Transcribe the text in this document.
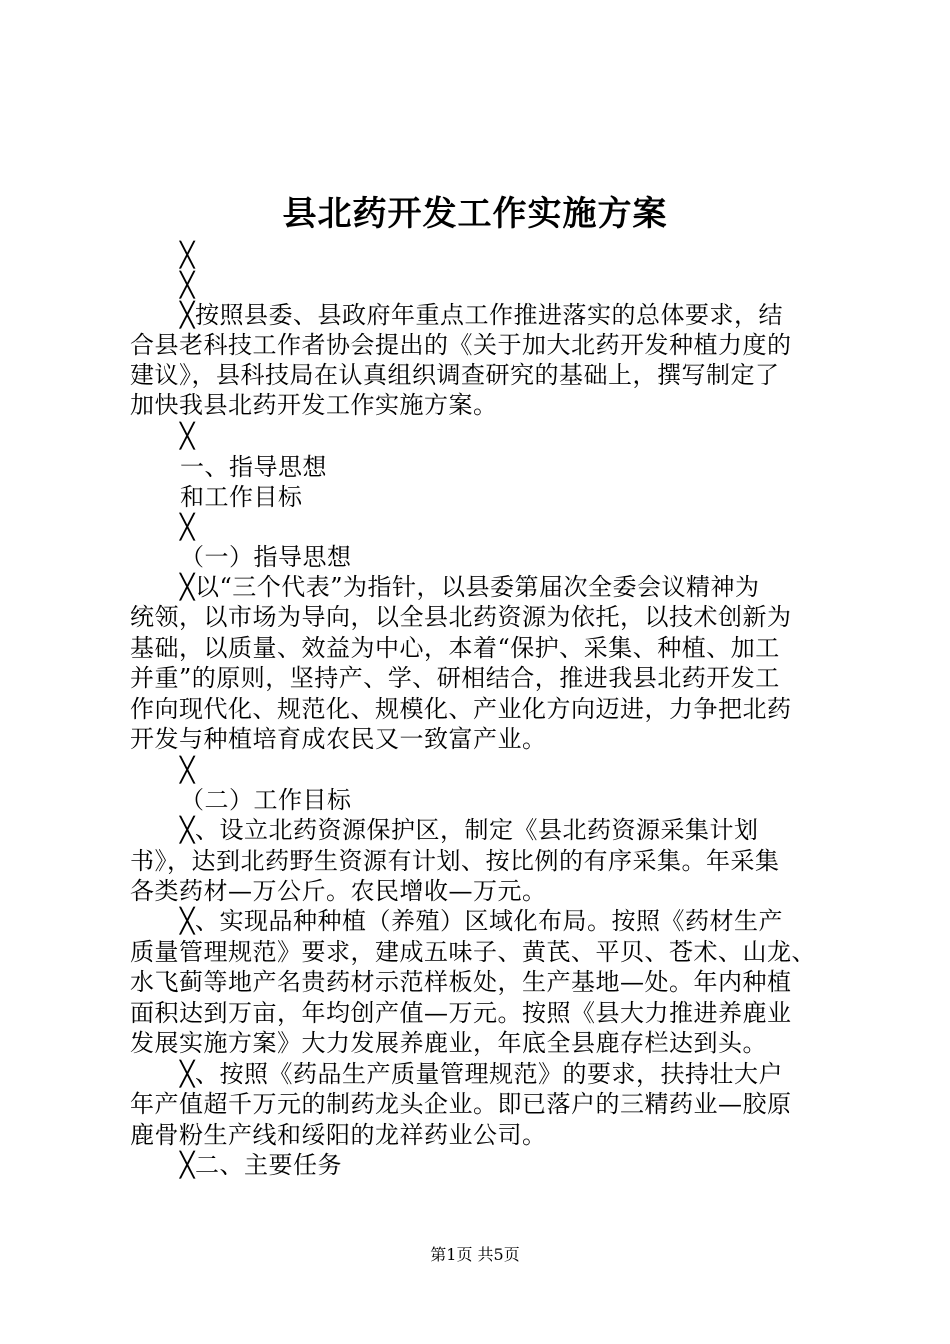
县北药开发工作实施方案
╳
╳
╳按照县委、县政府年重点工作推进落实的总体要求，结
合县老科技工作者协会提出的《关于加大北药开发种植力度的
建议》，县科技局在认真组织调查研究的基础上，撰写制定了
加快我县北药开发工作实施方案。
╳
一、指导思想
和工作目标
╳
（一）指导思想
╳以“三个代表”为指针，以县委第届次全委会议精神为
统领，以市场为导向，以全县北药资源为依托，以技术创新为
基础，以质量、效益为中心，本着“保护、采集、种植、加工
并重”的原则，坚持产、学、研相结合，推进我县北药开发工
作向现代化、规范化、规模化、产业化方向迈进，力争把北药
开发与种植培育成农民又一致富产业。
╳
（二）工作目标
╳、设立北药资源保护区，制定《县北药资源采集计划
书》，达到北药野生资源有计划、按比例的有序采集。年采集
各类药材—万公斤。农民增收—万元。
╳、实现品种种植（养殖）区域化布局。按照《药材生产
质量管理规范》要求，建成五味子、黄芪、平贝、苍术、山龙、
水飞蓟等地产名贵药材示范样板处，生产基地—处。年内种植
面积达到万亩，年均创产值—万元。按照《县大力推进养鹿业
发展实施方案》大力发展养鹿业，年底全县鹿存栏达到头。
╳、按照《药品生产质量管理规范》的要求，扶持壮大户
年产值超千万元的制药龙头企业。即已落户的三精药业—胶原
鹿骨粉生产线和绥阳的龙祥药业公司。
╳二、主要任务
第1页 共5页
